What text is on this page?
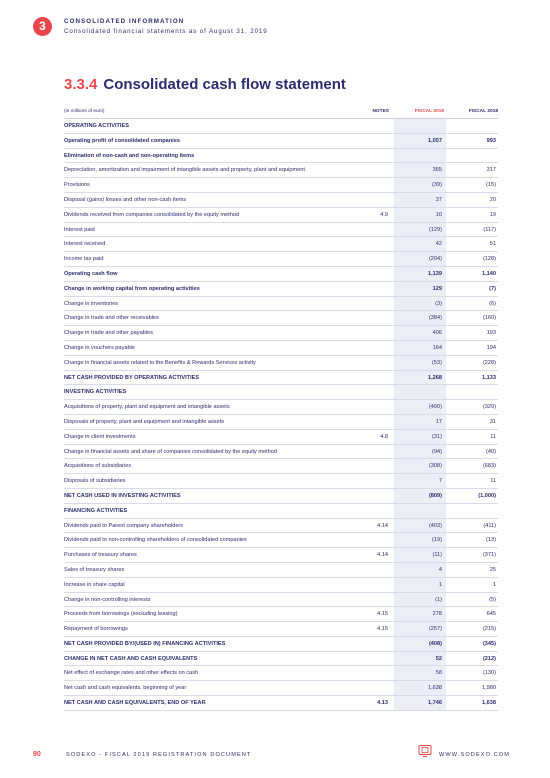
3	CONSOLIDATED INFORMATION
Consolidated financial statements as of August 31, 2019
3.3.4 Consolidated cash flow statement
(in millions of euro)	NOTES	FISCAL 2019	FISCAL 2018
OPERATING ACTIVITIES
Operating profit of consolidated companies	1,057	993
Elimination of non-cash and non-operating items
Depreciation, amortization and impairment of intangible assets and property, plant and equipment	365	317
Provisions	(39)	(15)
Disposal (gains) losses and other non-cash items	37	20
Dividends received from companies consolidated by the equity method	4.9	10	19
Interest paid	(129)	(117)
Interest received	42	51
Income tax paid	(204)	(128)
Operating cash flow	1,139	1,140
Change in working capital from operating activities	129	(7)
Change in inventories	(3)	(6)
Change in trade and other receivables	(384)	(160)
Change in trade and other payables	406	193
Change in vouchers payable	164	194
Change in financial assets related to the Benefits & Rewards Services activity	(53)	(228)
NET CASH PROVIDED BY OPERATING ACTIVITIES	1,268	1,133
INVESTING ACTIVITIES
Acquisitions of property, plant and equipment and intangible assets	(400)	(329)
Disposals of property, plant and equipment and intangible assets	17	31
Change in client investments	4.8	(31)	11
Change in financial assets and share of companies consolidated by the equity method	(94)	(40)
Acquisitions of subsidiaries	(308)	(683)
Disposals of subsidiaries	7	11
NET CASH USED IN INVESTING ACTIVITIES	(809)	(1,000)
FINANCING ACTIVITIES
Dividends paid to Parent company shareholders	4.14	(403)	(411)
Dividends paid to non-controlling shareholders of consolidated companies	(19)	(13)
Purchases of treasury shares	4.14	(11)	(371)
Sales of treasury shares	4	25
Increase in share capital	1	1
Change in non-controlling interests	(1)	(5)
Proceeds from borrowings (excluding leasing)	4.15	278	645
Repayment of borrowings	4.15	(257)	(215)
NET CASH PROVIDED BY/(USED IN) FINANCING ACTIVITIES	(408)	(345)
CHANGE IN NET CASH AND CASH EQUIVALENTS	52	(212)
Net effect of exchange rates and other effects on cash	58	(130)
Net cash and cash equivalents, beginning of year	1,638	1,980
NET CASH AND CASH EQUIVALENTS, END OF YEAR	4.13	1,746	1,638
90	SODEXO - FISCAL 2019 REGISTRATION DOCUMENT	WWW.SODEXO.COM
